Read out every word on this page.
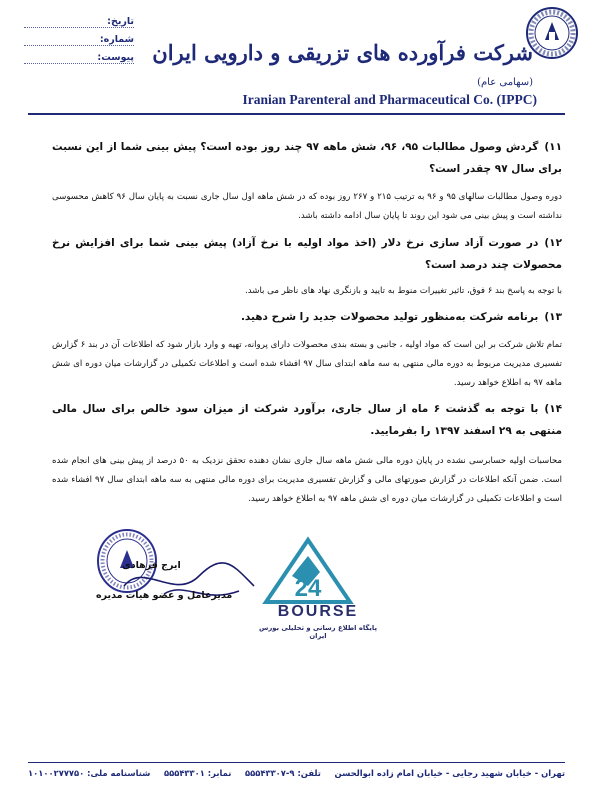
تاریخ:
شماره:
پیوست: شرکت فرآورده های تزریقی و دارویی ایران (سهامی عام)
Iranian Parenteral and Pharmaceutical Co. (IPPC)
۱۱)گردش وصول مطالبات ۹۵، ۹۶، شش ماهه ۹۷ چند روز بوده است؟ پیش بینی شما از این نسبت برای سال ۹۷ چقدر است؟
دوره وصول مطالبات سالهای ۹۵ و ۹۶ به ترتیب ۲۱۵ و ۲۶۷ روز بوده که در شش ماهه اول سال جاری نسبت به پایان سال ۹۶ کاهش محسوسی نداشته است و پیش بینی می شود این روند تا پایان سال ادامه داشته باشد.
۱۲)در صورت آزاد سازی نرخ دلار (اخذ مواد اولیه با نرخ آزاد) پیش بینی شما برای افزایش نرخ محصولات چند درصد است؟
با توجه به پاسخ بند ۶ فوق، تاثیر تغییرات منوط به تایید و بازنگری نهاد های ناظر می باشد.
۱۳)برنامه شرکت به‌منظور تولید محصولات جدید را شرح دهید.
تمام تلاش شرکت بر این است که مواد اولیه ، جانبی و بسته بندی محصولات دارای پروانه، تهیه و وارد بازار شود که اطلاعات آن در بند ۶ گزارش تفسیری مدیریت مربوط به دوره مالی منتهی به سه ماهه ابتدای سال ۹۷ افشاء شده است و اطلاعات تکمیلی در گزارشات میان دوره ای شش ماهه ۹۷ به اطلاع خواهد رسید.
۱۴)با توجه به گذشت ۶ ماه از سال جاری، برآورد شرکت از میزان سود خالص برای سال مالی منتهی به ۲۹ اسفند ۱۳۹۷ را بفرمایید.
محاسبات اولیه حسابرسی نشده در پایان دوره مالی شش ماهه سال جاری نشان دهنده تحقق نزدیک به ۵۰ درصد از پیش بینی های انجام شده است. ضمن آنکه اطلاعات در گزارش صورتهای مالی و گزارش تفسیری مدیریت برای دوره مالی منتهی به سه ماهه ابتدای سال ۹۷ افشاء شده است و اطلاعات تکمیلی در گزارشات میان دوره ای شش ماهه ۹۷ به اطلاع خواهد رسید.
ایرج فرهادی
مدیرعامل و عضو هیات مدیره	24
BOURSE
پایگاه اطلاع رسانی و تحلیلی بورس ایران
تهران - خیابان شهید رجایی - خیابان امام زاده ابوالحسن
تلفن: ۹-۵۵۵۴۳۳۰۷
نمابر: ۵۵۵۴۳۳۰۱
شناسنامه ملی: ۱۰۱۰۰۲۷۷۷۵۰
